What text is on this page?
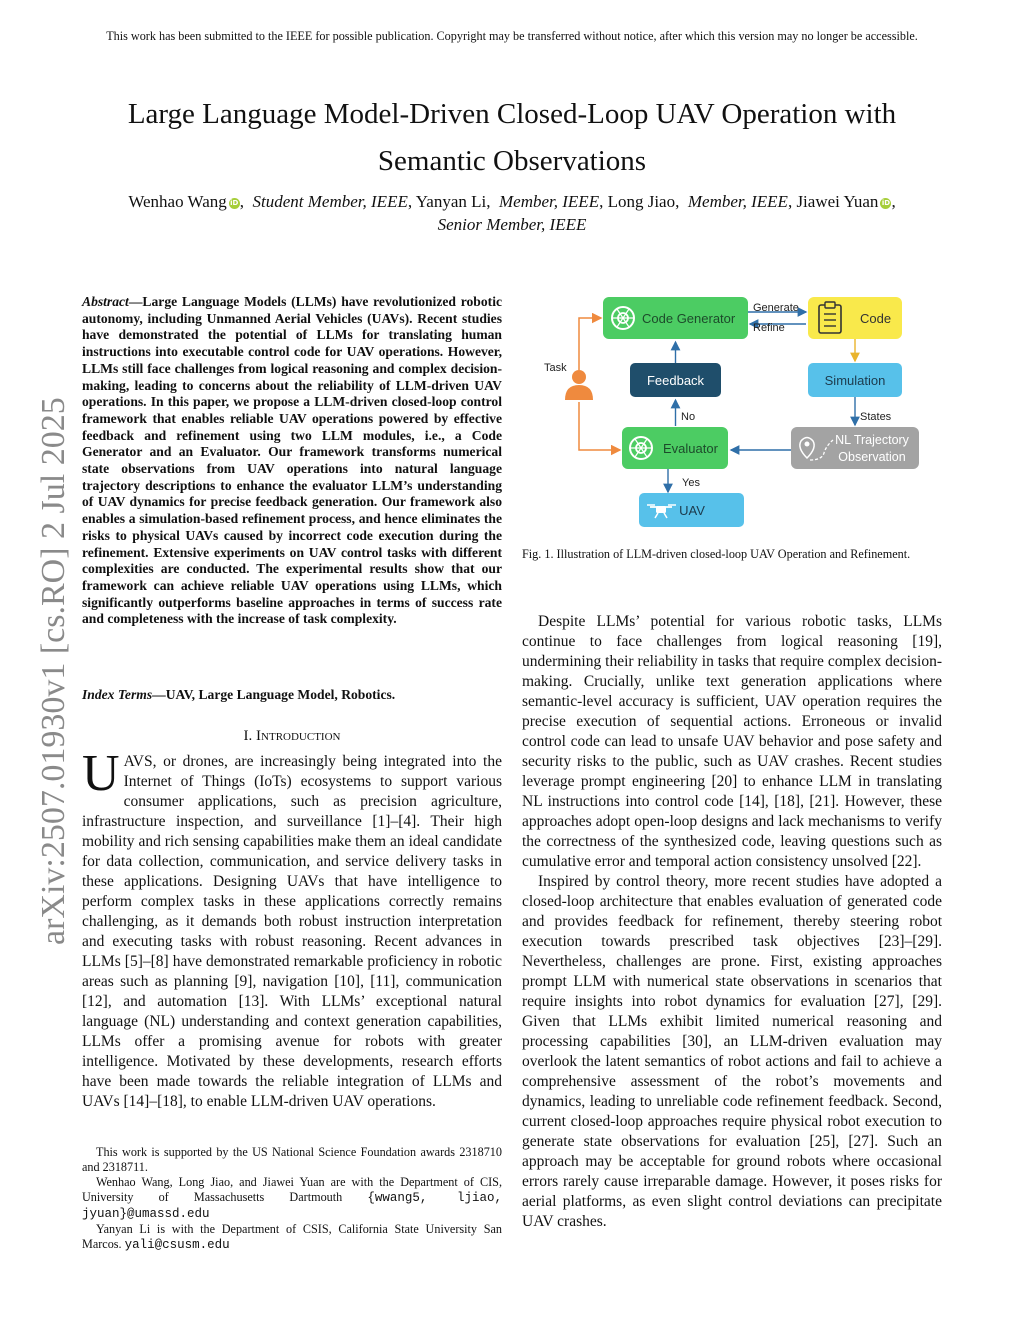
This work has been submitted to the IEEE for possible publication. Copyright may be transferred without notice, after which this version may no longer be accessible.
Large Language Model-Driven Closed-Loop UAV Operation with
Semantic Observations
Wenhao Wang iD,  Student Member, IEEE, Yanyan Li, Member, IEEE, Long Jiao, Member, IEEE, Jiawei Yuan iD,
Senior Member, IEEE
arXiv:2507.01930v1 [cs.RO] 2 Jul 2025
Abstract—Large Language Models (LLMs) have revolutionized robotic autonomy, including Unmanned Aerial Vehicles (UAVs). Recent studies have demonstrated the potential of LLMs for translating human instructions into executable control code for UAV operations. However, LLMs still face challenges from logical reasoning and complex decision-making, leading to concerns about the reliability of LLM-driven UAV operations. In this paper, we propose a LLM-driven closed-loop control framework that enables reliable UAV operations powered by effective feedback and refinement using two LLM modules, i.e., a Code Generator and an Evaluator. Our framework transforms numerical state observations from UAV operations into natural language trajectory descriptions to enhance the evaluator LLM’s understanding of UAV dynamics for precise feedback generation. Our framework also enables a simulation-based refinement process, and hence eliminates the risks to physical UAVs caused by incorrect code execution during the refinement. Extensive experiments on UAV control tasks with different complexities are conducted. The experimental results show that our framework can achieve reliable UAV operations using LLMs, which significantly outperforms baseline approaches in terms of success rate and completeness with the increase of task complexity.
Index Terms—UAV, Large Language Model, Robotics.
I. Introduction
UAVS, or drones, are increasingly being integrated into the Internet of Things (IoTs) ecosystems to support various consumer applications, such as precision agriculture, infrastructure inspection, and surveillance [1]–[4]. Their high mobility and rich sensing capabilities make them an ideal candidate for data collection, communication, and service delivery tasks in these applications. Designing UAVs that have intelligence to perform complex tasks in these applications correctly remains challenging, as it demands both robust instruction interpretation and executing tasks with robust reasoning. Recent advances in LLMs [5]–[8] have demonstrated remarkable proficiency in robotic areas such as planning [9], navigation [10], [11], communication [12], and automation [13]. With LLMs’ exceptional natural language (NL) understanding and context generation capabilities, LLMs offer a promising avenue for robots with greater intelligence. Motivated by these developments, research efforts have been made towards the reliable integration of LLMs and UAVs [14]–[18], to enable LLM-driven UAV operations.

This work is supported by the US National Science Foundation awards 2318710 and 2318711.

Wenhao Wang, Long Jiao, and Jiawei Yuan are with the Department of CIS, University of Massachusetts Dartmouth {wwang5, ljiao, jyuan}@umassd.edu

Yanyan Li is with the Department of CSIS, California State University San Marcos. yali@csusm.edu

Code Generator	Code
Generate
Refine
Task
Feedback	Simulation
No	States
Evaluator
NL Trajectory
Observation
Yes
UAV
Fig. 1. Illustration of LLM-driven closed-loop UAV Operation and Refinement.

Despite LLMs’ potential for various robotic tasks, LLMs continue to face challenges from logical reasoning [19], undermining their reliability in tasks that require complex decision-making. Crucially, unlike text generation applications where semantic-level accuracy is sufficient, UAV operation requires the precise execution of sequential actions. Erroneous or invalid control code can lead to unsafe UAV behavior and pose safety and security risks to the public, such as UAV crashes. Recent studies leverage prompt engineering [20] to enhance LLM in translating NL instructions into control code [14], [18], [21]. However, these approaches adopt open-loop designs and lack mechanisms to verify the correctness of the synthesized code, leaving questions such as cumulative error and temporal action consistency unsolved [22].

Inspired by control theory, more recent studies have adopted a closed-loop architecture that enables evaluation of generated code and provides feedback for refinement, thereby steering robot execution towards prescribed task objectives [23]–[29]. Nevertheless, challenges are prone. First, existing approaches prompt LLM with numerical state observations in scenarios that require insights into robot dynamics for evaluation [27], [29]. Given that LLMs exhibit limited numerical reasoning and processing capabilities [30], an LLM-driven evaluation may overlook the latent semantics of robot actions and fail to achieve a comprehensive assessment of the robot’s movements and dynamics, leading to unreliable code refinement feedback. Second, current closed-loop approaches require physical robot execution to generate state observations for evaluation [25], [27]. Such an approach may be acceptable for ground robots where occasional errors rarely cause irreparable damage. However, it poses risks for aerial platforms, as even slight control deviations can precipitate UAV crashes.
